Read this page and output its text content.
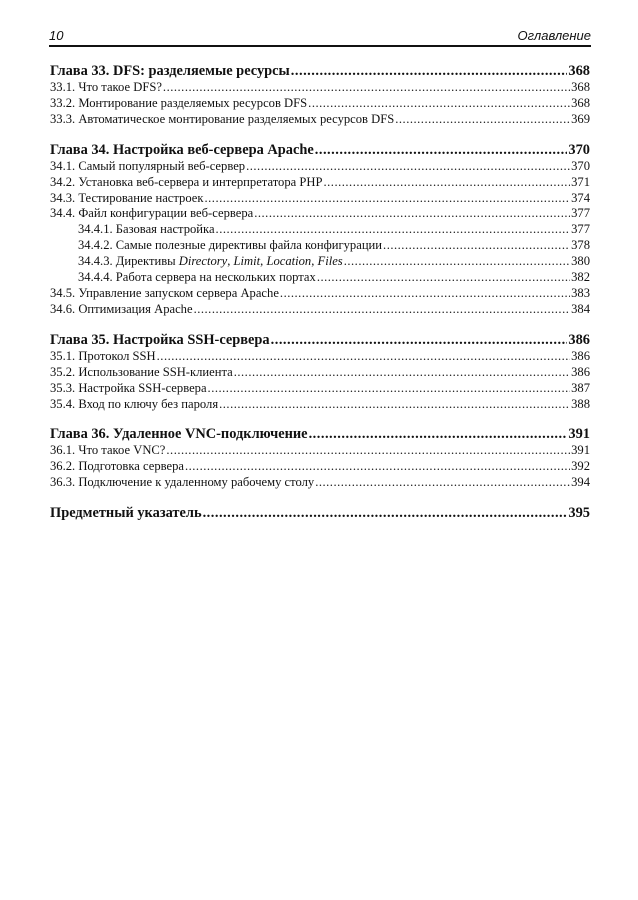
10	Оглавление
Глава 33. DFS: разделяемые ресурсы .....	368
33.1. Что такое DFS? .....	368
33.2. Монтирование разделяемых ресурсов DFS .....	368
33.3. Автоматическое монтирование разделяемых ресурсов DFS .....	369
Глава 34. Настройка веб-сервера Apache .....	370
34.1. Самый популярный веб-сервер .....	370
34.2. Установка веб-сервера и интерпретатора PHP .....	371
34.3. Тестирование настроек .....	374
34.4. Файл конфигурации веб-сервера .....	377
34.4.1. Базовая настройка .....	377
34.4.2. Самые полезные директивы файла конфигурации .....	378
34.4.3. Директивы Directory, Limit, Location, Files .....	380
34.4.4. Работа сервера на нескольких портах .....	382
34.5. Управление запуском сервера Apache .....	383
34.6. Оптимизация Apache .....	384
Глава 35. Настройка SSH-сервера .....	386
35.1. Протокол SSH .....	386
35.2. Использование SSH-клиента .....	386
35.3. Настройка SSH-сервера .....	387
35.4. Вход по ключу без пароля .....	388
Глава 36. Удаленное VNC-подключение .....	391
36.1. Что такое VNC? .....	391
36.2. Подготовка сервера .....	392
36.3. Подключение к удаленному рабочему столу .....	394
Предметный указатель .....	395
